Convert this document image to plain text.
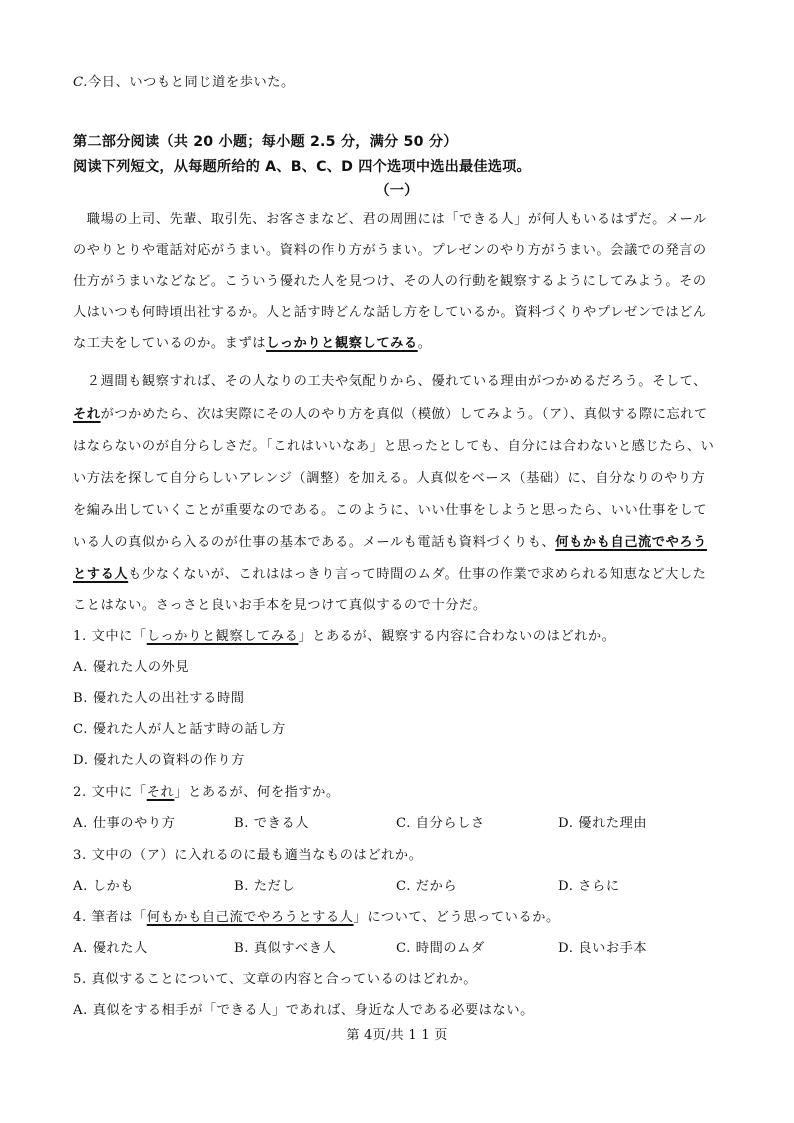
C.今日、いつもと同じ道を歩いた。
第二部分阅读（共 20 小题；每小题 2.5 分，满分 50 分）
阅读下列短文，从每题所给的 A、B、C、D 四个选项中选出最佳选项。
（一）
　職場の上司、先輩、取引先、お客さまなど、君の周囲には「できる人」が何人もいるはずだ。メール
のやりとりや電話対応がうまい。資料の作り方がうまい。プレゼンのやり方がうまい。会議での発言の
仕方がうまいなどなど。こういう優れた人を見つけ、その人の行動を観察するようにしてみよう。その
人はいつも何時頃出社するか。人と話す時どんな話し方をしているか。資料づくりやプレゼンではどん
な工夫をしているのか。まずはしっかりと観察してみる。
　２週間も観察すれば、その人なりの工夫や気配りから、優れている理由がつかめるだろう。そして、
それがつかめたら、次は実際にその人のやり方を真似（模倣）してみよう。（ア）、真似する際に忘れて
はならないのが自分らしさだ。「これはいいなあ」と思ったとしても、自分には合わないと感じたら、い
い方法を探して自分らしいアレンジ（調整）を加える。人真似をベース（基础）に、自分なりのやり方
を編み出していくことが重要なのである。このように、いい仕事をしようと思ったら、いい仕事をして
いる人の真似から入るのが仕事の基本である。メールも電話も資料づくりも、何もかも自己流でやろう
とする人も少なくないが、これははっきり言って時間のムダ。仕事の作業で求められる知恵など大した
ことはない。さっさと良いお手本を見つけて真似するので十分だ。
1. 文中に「しっかりと観察してみる」とあるが、観察する内容に合わないのはどれか。
A. 優れた人の外見
B. 優れた人の出社する時間
C. 優れた人が人と話す時の話し方
D. 優れた人の資料の作り方
2. 文中に「それ」とあるが、何を指すか。
A. 仕事のやり方	B. できる人	C. 自分らしさ	D. 優れた理由
3. 文中の（ア）に入れるのに最も適当なものはどれか。
A. しかも	B. ただし	C. だから	D. さらに
4. 筆者は「何もかも自己流でやろうとする人」について、どう思っているか。
A. 優れた人	B. 真似すべき人	C. 時間のムダ	D. 良いお手本
5. 真似することについて、文章の内容と合っているのはどれか。
A. 真似をする相手が「できる人」であれば、身近な人である必要はない。
第 4页/共 1 1 页
